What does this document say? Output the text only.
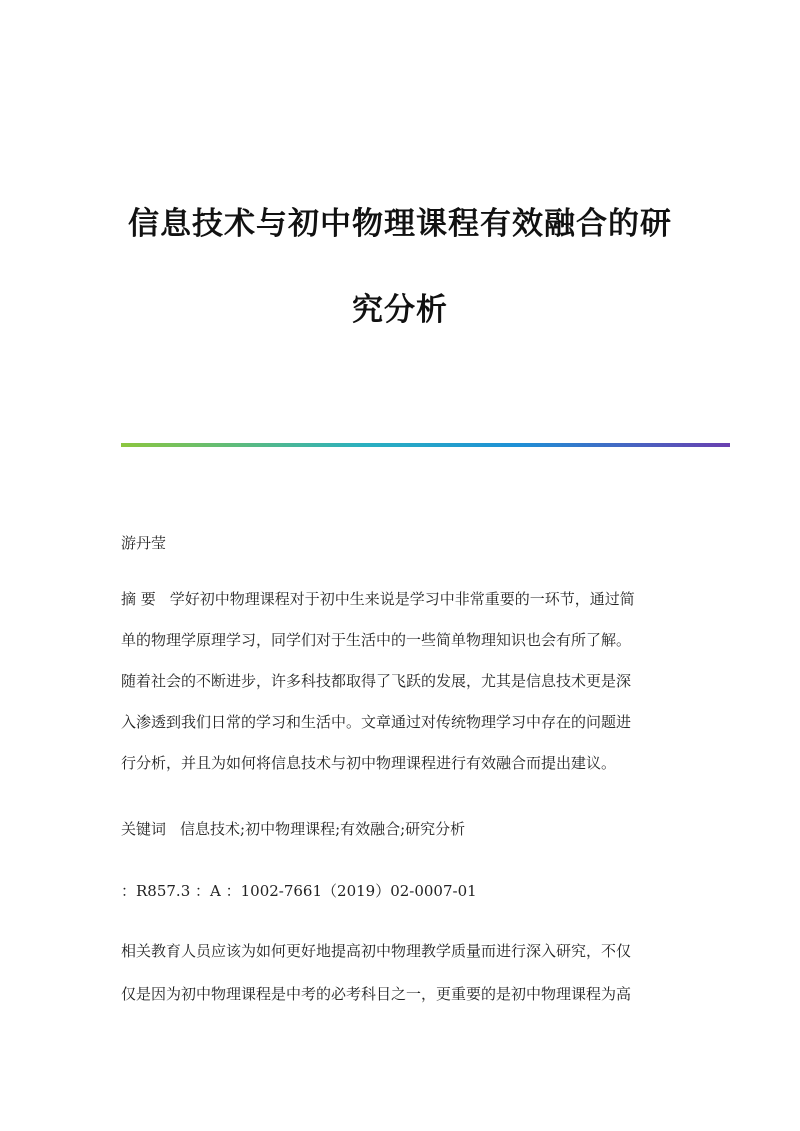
信息技术与初中物理课程有效融合的研
究分析
游丹莹
摘 要 学好初中物理课程对于初中生来说是学习中非常重要的一环节，通过简
单的物理学原理学习，同学们对于生活中的一些简单物理知识也会有所了解。
随着社会的不断进步，许多科技都取得了飞跃的发展，尤其是信息技术更是深
入渗透到我们日常的学习和生活中。文章通过对传统物理学习中存在的问题进
行分析，并且为如何将信息技术与初中物理课程进行有效融合而提出建议。
关键词 信息技术;初中物理课程;有效融合;研究分析
：R857.3 ：A ：1002-7661（2019）02-0007-01
相关教育人员应该为如何更好地提高初中物理教学质量而进行深入研究，不仅
仅是因为初中物理课程是中考的必考科目之一，更重要的是初中物理课程为高
